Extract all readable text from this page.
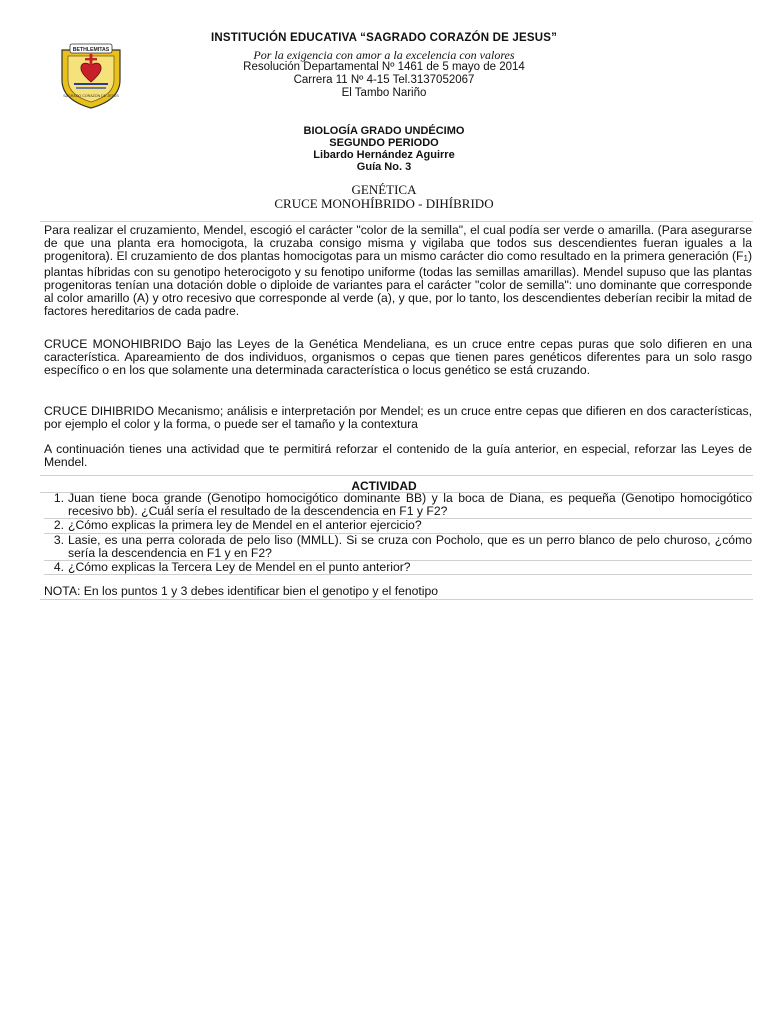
BETHLEMITAS
SAGRADO CORAZON DE JESUS
INSTITUCIÓN EDUCATIVA “SAGRADO CORAZÓN DE JESUS”
Por la exigencia con amor a la excelencia con valores
Resolución Departamental Nº 1461 de 5 mayo de 2014
Carrera 11 Nº 4-15 Tel.3137052067
El Tambo Nariño
BIOLOGÍA GRADO UNDÉCIMO
SEGUNDO PERIODO
Libardo Hernández Aguirre
Guía No. 3
GENÉTICA
CRUCE MONOHÍBRIDO - DIHÍBRIDO
Para realizar el cruzamiento, Mendel, escogió el carácter "color de la semilla", el cual podía ser verde o amarilla. (Para asegurarse de que una planta era homocigota, la cruzaba consigo misma y vigilaba que todos sus descendientes fueran iguales a la progenitora). El cruzamiento de dos plantas homocigotas para un mismo carácter dio como resultado en la primera generación $(F_1)$ plantas híbridas con su genotipo heterocigoto y su fenotipo uniforme (todas las semillas amarillas). Mendel supuso que las plantas progenitoras tenían una dotación doble o diploide de variantes para el carácter "color de semilla": uno dominante que corresponde al color amarillo (A) y otro recesivo que corresponde al verde (a), y que, por lo tanto, los descendientes deberían recibir la mitad de factores hereditarios de cada padre.
CRUCE MONOHIBRIDO Bajo las Leyes de la Genética Mendeliana, es un cruce entre cepas puras que solo difieren en una característica. Apareamiento de dos individuos, organismos o cepas que tienen pares genéticos diferentes para un solo rasgo específico o en los que solamente una determinada característica o locus genético se está cruzando.
CRUCE DIHIBRIDO Mecanismo; análisis e interpretación por Mendel; es un cruce entre cepas que difieren en dos características, por ejemplo el color y la forma, o puede ser el tamaño y la contextura
A continuación tienes una actividad que te permitirá reforzar el contenido de la guía anterior, en especial, reforzar las Leyes de Mendel.
ACTIVIDAD
1. Juan tiene boca grande (Genotipo homocigótico dominante BB) y la boca de Diana, es pequeña (Genotipo homocigótico recesivo bb). ¿Cuál sería el resultado de la descendencia en F1 y F2?
2. ¿Cómo explicas la primera ley de Mendel en el anterior ejercicio?
3. Lasie, es una perra colorada de pelo liso (MMLL). Si se cruza con Pocholo, que es un perro blanco de pelo churoso, ¿cómo sería la descendencia en F1 y en F2?
4. ¿Cómo explicas la Tercera Ley de Mendel en el punto anterior?
NOTA: En los puntos 1 y 3 debes identificar bien el genotipo y el fenotipo
